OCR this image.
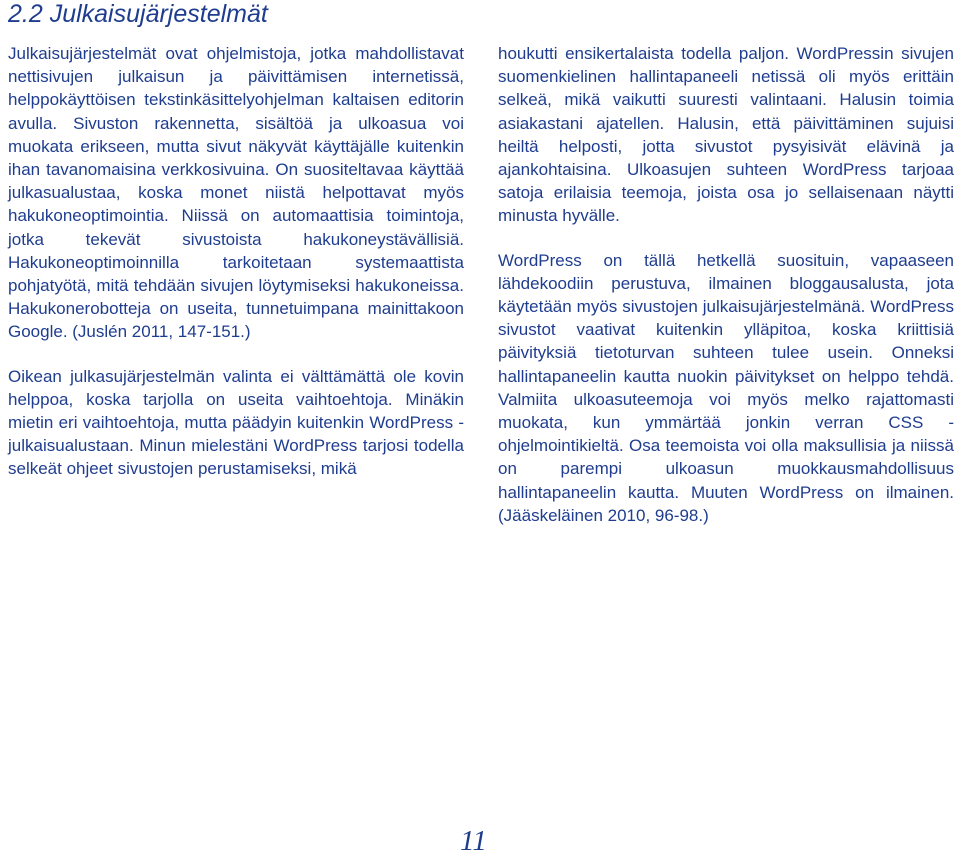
2.2 Julkaisujärjestelmät

Julkaisujärjestelmät ovat ohjelmistoja, jotka mahdollistavat nettisivujen julkaisun ja päivittämisen internetissä, helppokäyttöisen tekstinkäsittelyohjelman kaltaisen editorin avulla. Sivuston rakennetta, sisältöä ja ulkoasua voi muokata erikseen, mutta sivut näkyvät käyttäjälle kuitenkin ihan tavanomaisina verkkosivuina. On suositeltavaa käyttää julkasualustaa, koska monet niistä helpottavat myös hakukoneoptimointia. Niissä on automaattisia toimintoja, jotka tekevät sivustoista hakukoneystävällisiä. Hakukoneoptimoinnilla tarkoitetaan systemaattista pohjatyötä, mitä tehdään sivujen löytymiseksi hakukoneissa. Hakukonerobotteja on useita, tunnetuimpana mainittakoon Google. (Juslén 2011, 147-151.)

Oikean julkasujärjestelmän valinta ei välttämättä ole kovin helppoa, koska tarjolla on useita vaihtoehtoja. Minäkin mietin eri vaihtoehtoja, mutta päädyin kuitenkin WordPress -julkaisualustaan. Minun mielestäni WordPress tarjosi todella selkeät ohjeet sivustojen perustamiseksi, mikä

houkutti ensikertalaista todella paljon. WordPressin sivujen suomenkielinen hallintapaneeli netissä oli myös erittäin selkeä, mikä vaikutti suuresti valintaani. Halusin toimia asiakastani ajatellen. Halusin, että päivittäminen sujuisi heiltä helposti, jotta sivustot pysyisivät elävinä ja ajankohtaisina. Ulkoasujen suhteen WordPress tarjoaa satoja erilaisia teemoja, joista osa jo sellaisenaan näytti minusta hyvälle.

WordPress on tällä hetkellä suosituin, vapaaseen lähdekoodiin perustuva, ilmainen bloggausalusta, jota käytetään myös sivustojen julkaisujärjestelmänä. WordPress sivustot vaativat kuitenkin ylläpitoa, koska kriittisiä päivityksiä tietoturvan suhteen tulee usein. Onneksi hallintapaneelin kautta nuokin päivitykset on helppo tehdä. Valmiita ulkoasuteemoja voi myös melko rajattomasti muokata, kun ymmärtää jonkin verran CSS -ohjelmointikieltä. Osa teemoista voi olla maksullisia ja niissä on parempi ulkoasun muokkausmahdollisuus hallintapaneelin kautta. Muuten WordPress on ilmainen. (Jääskeläinen 2010, 96-98.)

11
